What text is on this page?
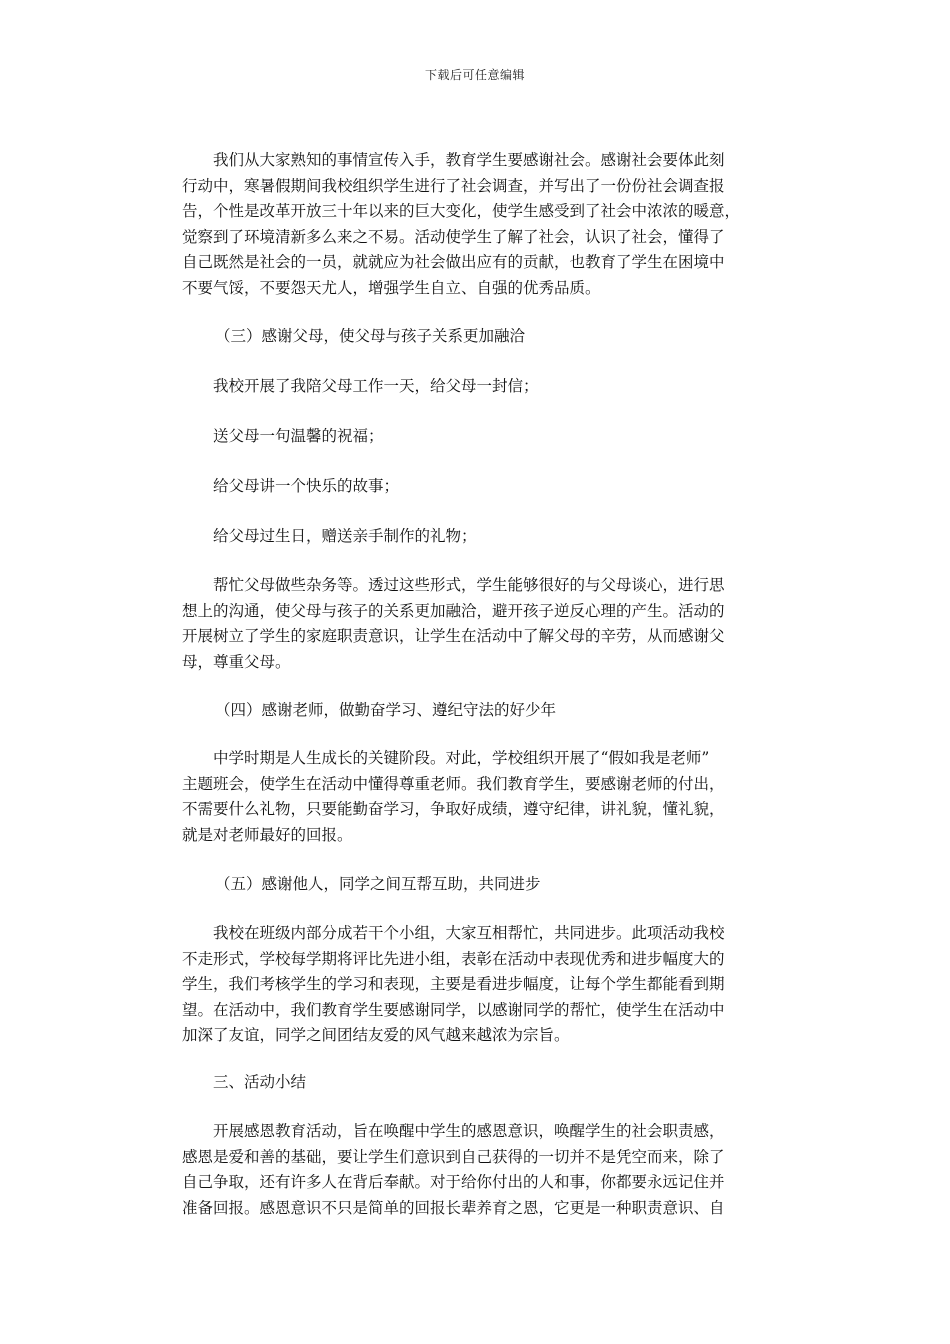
下载后可任意编辑
我们从大家熟知的事情宣传入手，教育学生要感谢社会。感谢社会要体此刻
行动中，寒暑假期间我校组织学生进行了社会调查，并写出了一份份社会调查报
告，个性是改革开放三十年以来的巨大变化，使学生感受到了社会中浓浓的暖意，
觉察到了环境清新多么来之不易。活动使学生了解了社会，认识了社会，懂得了
自己既然是社会的一员，就就应为社会做出应有的贡献，也教育了学生在困境中
不要气馁，不要怨天尤人，增强学生自立、自强的优秀品质。
（三）感谢父母，使父母与孩子关系更加融洽
我校开展了我陪父母工作一天，给父母一封信；
送父母一句温馨的祝福；
给父母讲一个快乐的故事；
给父母过生日，赠送亲手制作的礼物；
帮忙父母做些杂务等。透过这些形式，学生能够很好的与父母谈心，进行思
想上的沟通，使父母与孩子的关系更加融洽，避开孩子逆反心理的产生。活动的
开展树立了学生的家庭职责意识，让学生在活动中了解父母的辛劳，从而感谢父
母，尊重父母。
（四）感谢老师，做勤奋学习、遵纪守法的好少年
中学时期是人生成长的关键阶段。对此，学校组织开展了“假如我是老师”
主题班会，使学生在活动中懂得尊重老师。我们教育学生，要感谢老师的付出，
不需要什么礼物，只要能勤奋学习，争取好成绩，遵守纪律，讲礼貌，懂礼貌，
就是对老师最好的回报。
（五）感谢他人，同学之间互帮互助，共同进步
我校在班级内部分成若干个小组，大家互相帮忙，共同进步。此项活动我校
不走形式，学校每学期将评比先进小组，表彰在活动中表现优秀和进步幅度大的
学生，我们考核学生的学习和表现，主要是看进步幅度，让每个学生都能看到期
望。在活动中，我们教育学生要感谢同学，以感谢同学的帮忙，使学生在活动中
加深了友谊，同学之间团结友爱的风气越来越浓为宗旨。
三、活动小结
开展感恩教育活动，旨在唤醒中学生的感恩意识，唤醒学生的社会职责感，
感恩是爱和善的基础，要让学生们意识到自己获得的一切并不是凭空而来，除了
自己争取，还有许多人在背后奉献。对于给你付出的人和事，你都要永远记住并
准备回报。感恩意识不只是简单的回报长辈养育之恩，它更是一种职责意识、自
